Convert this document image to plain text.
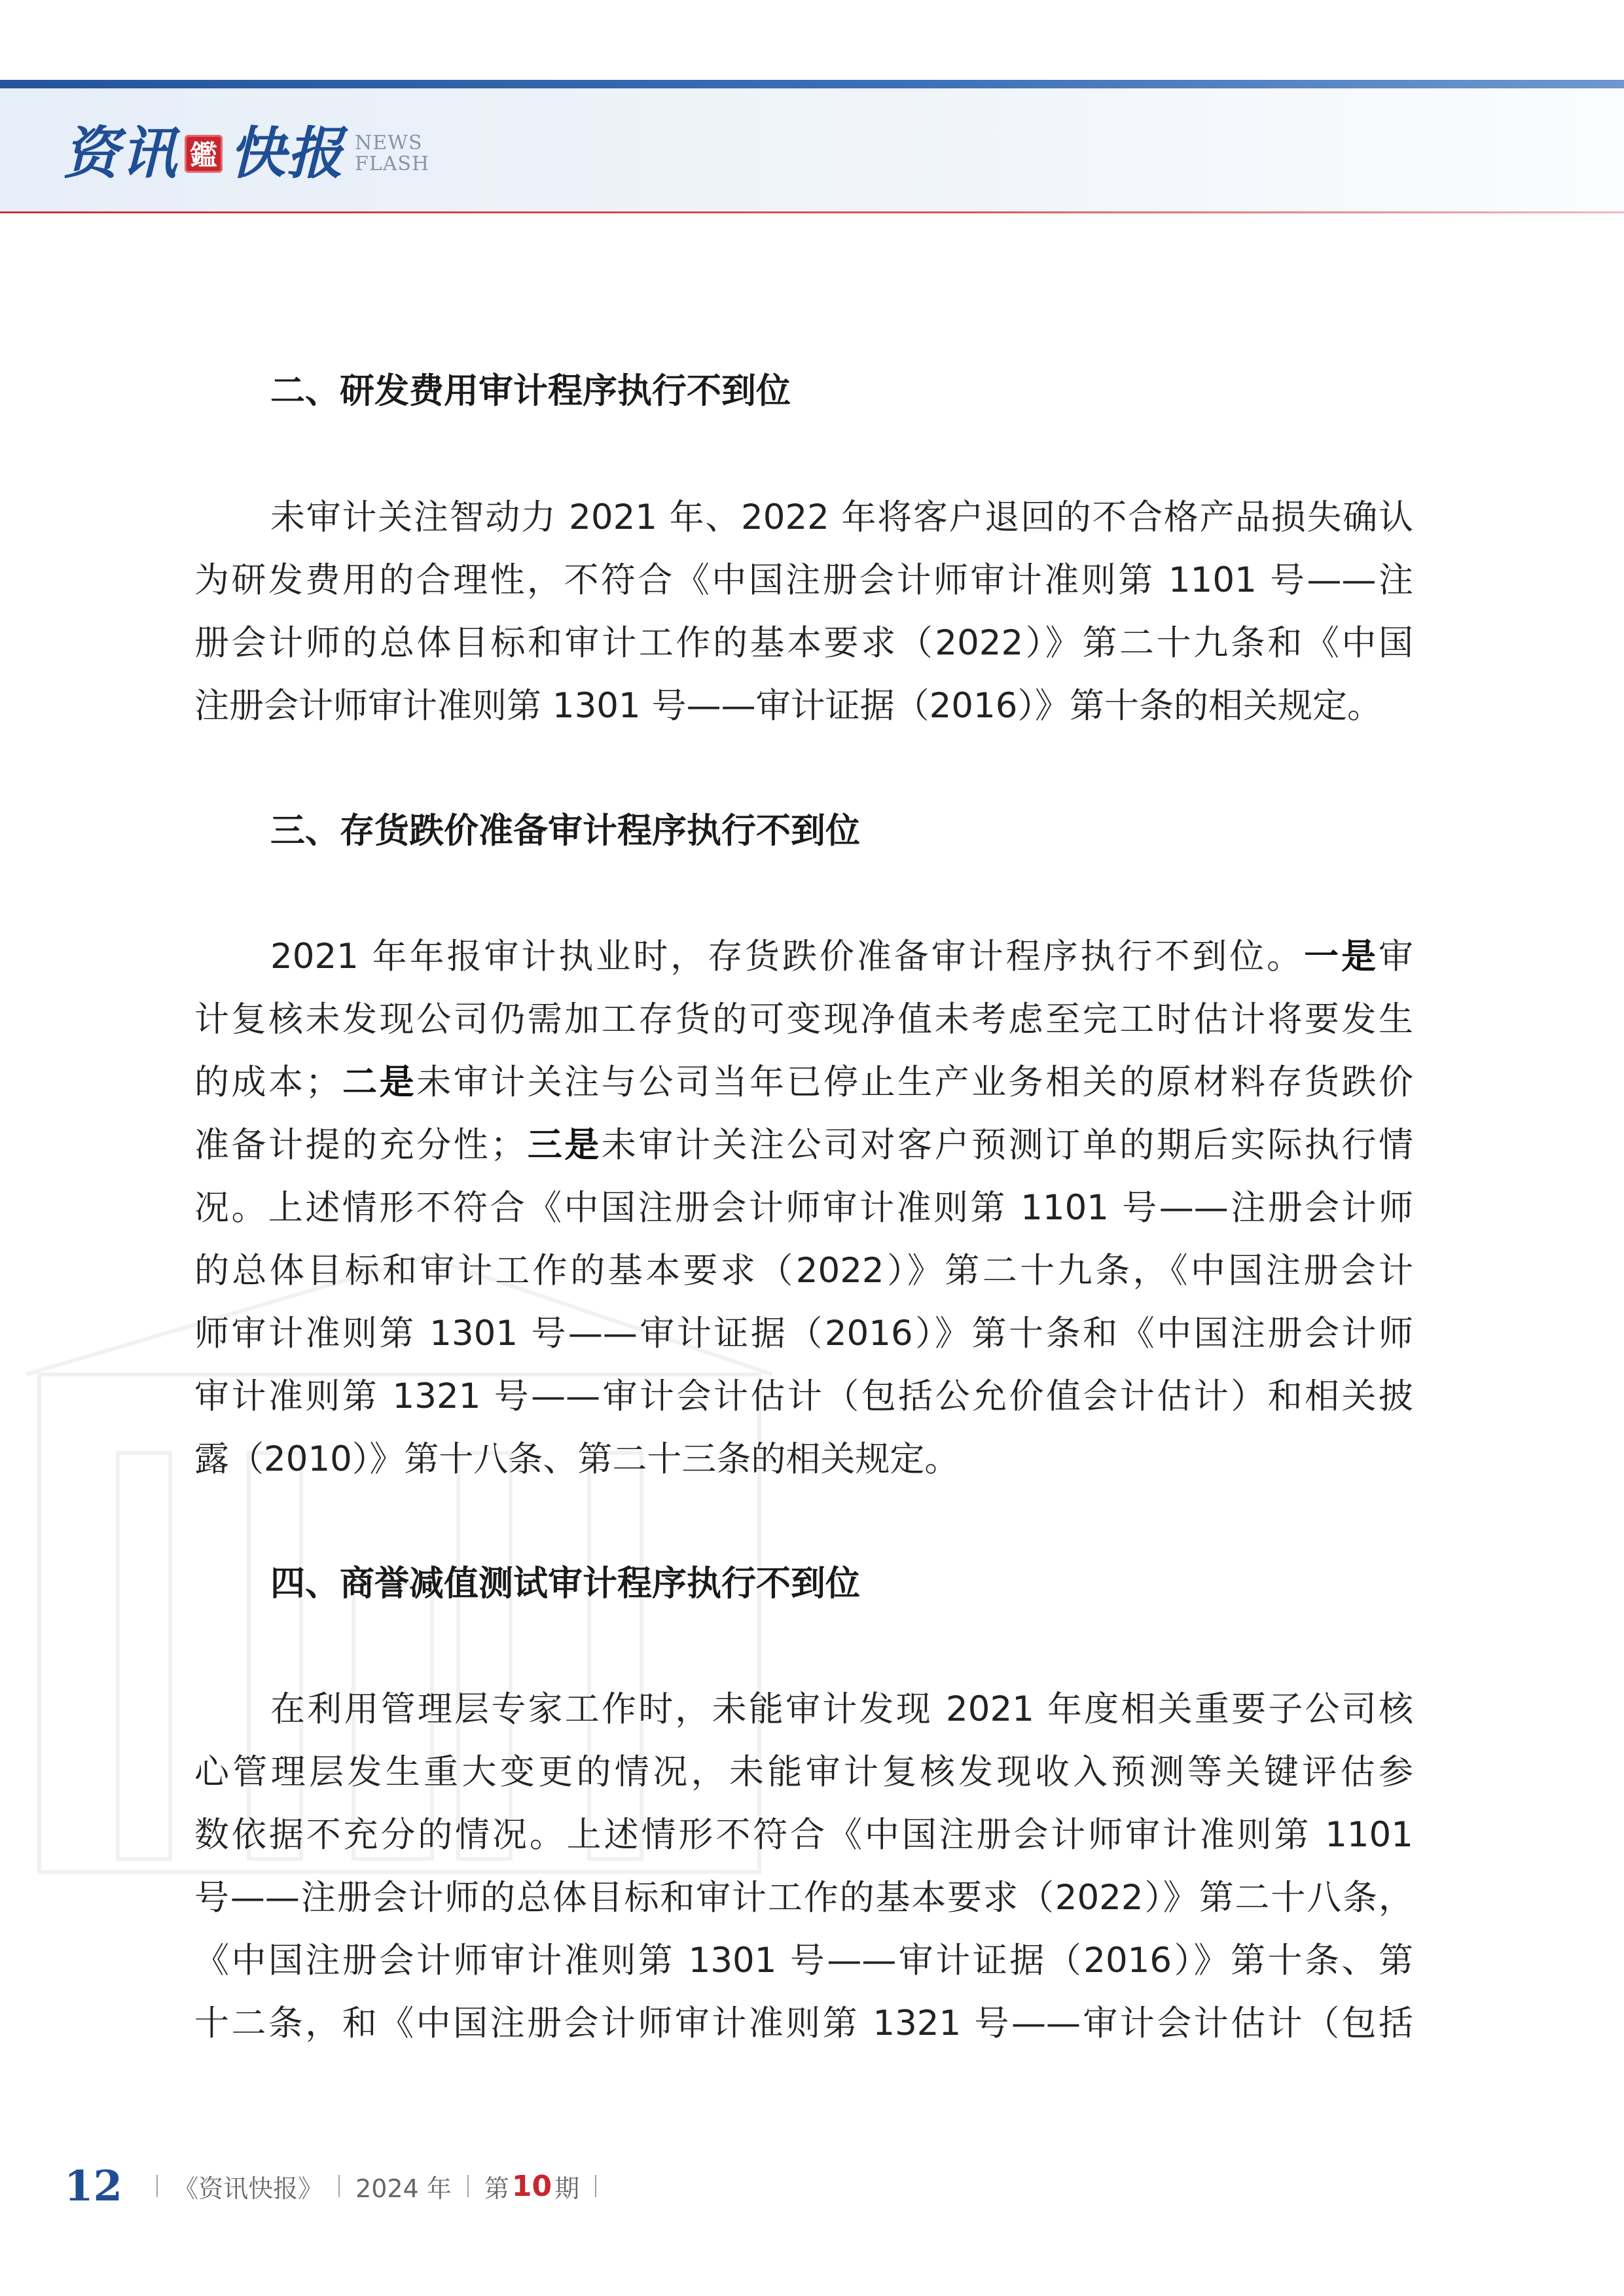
资讯 鑑 快报 NEWS
FLASH
二、研发费用审计程序执行不到位
未审计关注智动力 2021 年、2022 年将客户退回的不合格产品损失确认
为研发费用的合理性，不符合《中国注册会计师审计准则第 1101 号——注
册会计师的总体目标和审计工作的基本要求（2022）》第二十九条和《中国
注册会计师审计准则第 1301 号——审计证据（2016）》第十条的相关规定。
三、存货跌价准备审计程序执行不到位
2021 年年报审计执业时，存货跌价准备审计程序执行不到位。一是审
计复核未发现公司仍需加工存货的可变现净值未考虑至完工时估计将要发生
的成本；二是未审计关注与公司当年已停止生产业务相关的原材料存货跌价
准备计提的充分性；三是未审计关注公司对客户预测订单的期后实际执行情
况。上述情形不符合《中国注册会计师审计准则第 1101 号——注册会计师
的总体目标和审计工作的基本要求（2022）》第二十九条，《中国注册会计
师审计准则第 1301 号——审计证据（2016）》第十条和《中国注册会计师
审计准则第 1321 号——审计会计估计（包括公允价值会计估计）和相关披
露（2010）》第十八条、第二十三条的相关规定。
四、商誉减值测试审计程序执行不到位
在利用管理层专家工作时，未能审计发现 2021 年度相关重要子公司核
心管理层发生重大变更的情况，未能审计复核发现收入预测等关键评估参
数依据不充分的情况。上述情形不符合《中国注册会计师审计准则第 1101
号——注册会计师的总体目标和审计工作的基本要求（2022）》第二十八条，
《中国注册会计师审计准则第 1301 号——审计证据（2016）》第十条、第
十二条，和《中国注册会计师审计准则第 1321 号——审计会计估计（包括
12 《资讯快报》 2024 年 第 10 期
